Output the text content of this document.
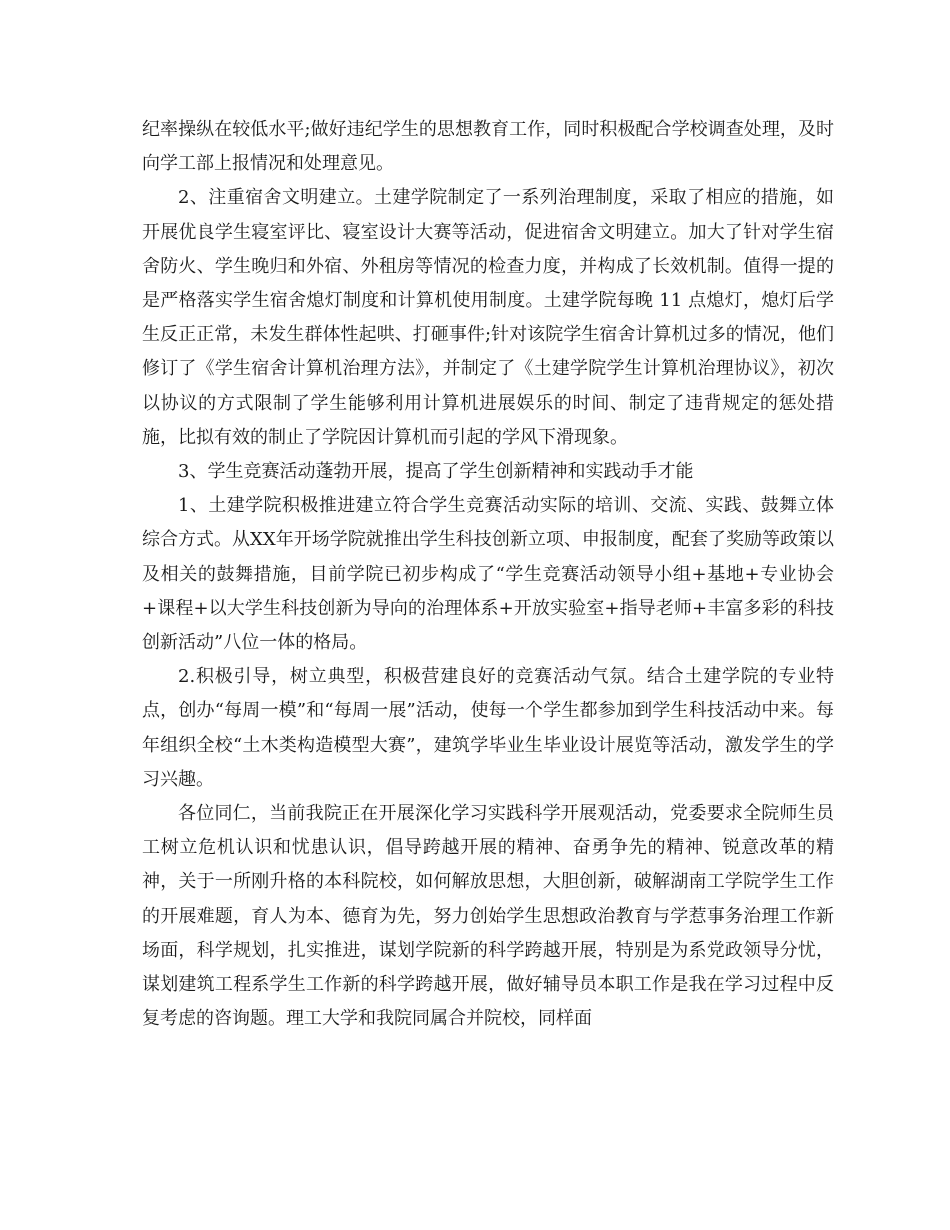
纪率操纵在较低水平;做好违纪学生的思想教育工作，同时积极配合学校调查处理，及时向学工部上报情况和处理意见。

2、注重宿舍文明建立。土建学院制定了一系列治理制度，采取了相应的措施，如开展优良学生寝室评比、寝室设计大赛等活动，促进宿舍文明建立。加大了针对学生宿舍防火、学生晚归和外宿、外租房等情况的检查力度，并构成了长效机制。值得一提的是严格落实学生宿舍熄灯制度和计算机使用制度。土建学院每晚 11 点熄灯，熄灯后学生反正正常，未发生群体性起哄、打砸事件;针对该院学生宿舍计算机过多的情况，他们修订了《学生宿舍计算机治理方法》，并制定了《土建学院学生计算机治理协议》，初次以协议的方式限制了学生能够利用计算机进展娱乐的时间、制定了违背规定的惩处措施，比拟有效的制止了学院因计算机而引起的学风下滑现象。

3、学生竞赛活动蓬勃开展，提高了学生创新精神和实践动手才能

1、土建学院积极推进建立符合学生竞赛活动实际的培训、交流、实践、鼓舞立体综合方式。从XX年开场学院就推出学生科技创新立项、申报制度，配套了奖励等政策以及相关的鼓舞措施，目前学院已初步构成了“学生竞赛活动领导小组+基地+专业协会+课程+以大学生科技创新为导向的治理体系+开放实验室+指导老师+丰富多彩的科技创新活动”八位一体的格局。

2.积极引导，树立典型，积极营建良好的竞赛活动气氛。结合土建学院的专业特点，创办“每周一模”和“每周一展”活动，使每一个学生都参加到学生科技活动中来。每年组织全校“土木类构造模型大赛”，建筑学毕业生毕业设计展览等活动，激发学生的学习兴趣。

各位同仁，当前我院正在开展深化学习实践科学开展观活动，党委要求全院师生员工树立危机认识和忧患认识，倡导跨越开展的精神、奋勇争先的精神、锐意改革的精神，关于一所刚升格的本科院校，如何解放思想，大胆创新，破解湖南工学院学生工作的开展难题，育人为本、德育为先，努力创始学生思想政治教育与学惹事务治理工作新场面，科学规划，扎实推进，谋划学院新的科学跨越开展，特别是为系党政领导分忧，谋划建筑工程系学生工作新的科学跨越开展，做好辅导员本职工作是我在学习过程中反复考虑的咨询题。理工大学和我院同属合并院校，同样面
